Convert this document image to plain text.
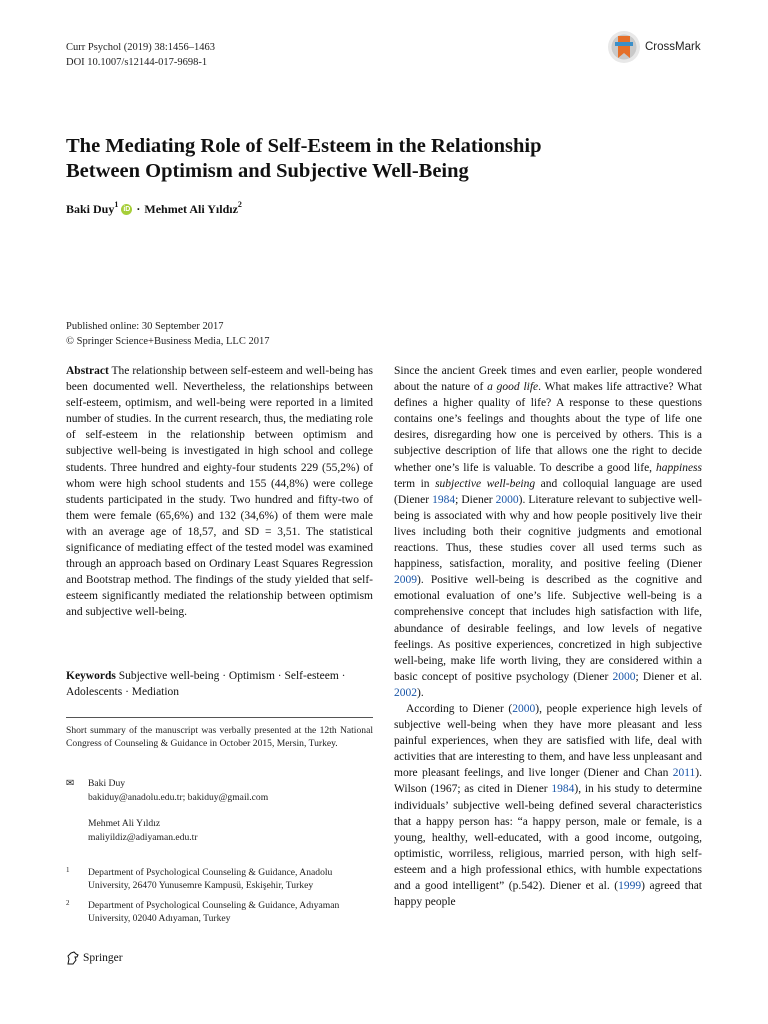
Curr Psychol (2019) 38:1456–1463
DOI 10.1007/s12144-017-9698-1
CrossMark
The Mediating Role of Self-Esteem in the Relationship
Between Optimism and Subjective Well-Being
Baki Duy$^1$
iD · Mehmet Ali Yıldız$^2$
Published online: 30 September 2017
© Springer Science+Business Media, LLC 2017

Abstract The relationship between self-esteem and well-being has been documented well. Nevertheless, the relationships between self-esteem, optimism, and well-being were reported in a limited number of studies. In the current research, thus, the mediating role of self-esteem in the relationship between optimism and subjective well-being is investigated in high school and college students. Three hundred and eighty-four students 229 (55,2%) of whom were high school students and 155 (44,8%) were college students participated in the study. Two hundred and fifty-two of them were female (65,6%) and 132 (34,6%) of them were male with an average age of 18,57, and SD = 3,51. The statistical significance of mediating effect of the tested model was examined through an approach based on Ordinary Least Squares Regression and Bootstrap method. The findings of the study yielded that self-esteem significantly mediated the relationship between optimism and subjective well-being.

Keywords Subjective well-being · Optimism · Self-esteem · Adolescents · Mediation

Short summary of the manuscript was verbally presented at the 12th National Congress of Counseling & Guidance in October 2015, Mersin, Turkey.
✉	Baki Duy
bakiduy@anadolu.edu.tr; bakiduy@gmail.com
Mehmet Ali Yıldız
maliyildiz@adiyaman.edu.tr
1	Department of Psychological Counseling & Guidance, Anadolu University, 26470 Yunusemre Kampusü, Eskişehir, Turkey
2	Department of Psychological Counseling & Guidance, Adıyaman University, 02040 Adıyaman, Turkey
Springer

Since the ancient Greek times and even earlier, people wondered about the nature of a good life. What makes life attractive? What defines a higher quality of life? A response to these questions contains one’s feelings and thoughts about the type of life one desires, disregarding how one is perceived by others. This is a subjective description of life that allows one the right to decide whether one’s life is valuable. To describe a good life, happiness term in subjective well-being and colloquial language are used (Diener 1984; Diener 2000). Literature relevant to subjective well-being is associated with why and how people positively live their lives including both their cognitive judgments and emotional reactions. Thus, these studies cover all used terms such as happiness, satisfaction, morality, and positive feeling (Diener 2009). Positive well-being is described as the cognitive and emotional evaluation of one’s life. Subjective well-being is a comprehensive concept that includes high satisfaction with life, abundance of desirable feelings, and low levels of negative feelings. As positive experiences, concretized in high subjective well-being, make life worth living, they are considered within a basic concept of positive psychology (Diener 2000; Diener et al. 2002).

According to Diener (2000), people experience high levels of subjective well-being when they have more pleasant and less painful experiences, when they are satisfied with life, deal with activities that are interesting to them, and have less unpleasant and more pleasant feelings, and live longer (Diener and Chan 2011). Wilson (1967; as cited in Diener 1984), in his study to determine individuals’ subjective well-being defined several characteristics that a happy person has: “a happy person, male or female, is a young, healthy, well-educated, with a good income, outgoing, optimistic, worriless, religious, married person, with high self-esteem and a high professional ethics, with humble expectations and a good intelligent” (p.542). Diener et al. (1999) agreed that happy people
